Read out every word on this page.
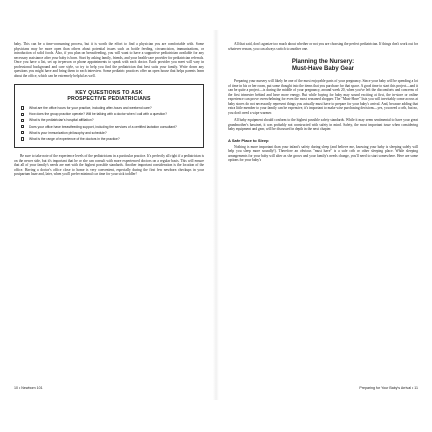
baby. This can be a time-consuming process, but it is worth the effort to find a physician you are comfortable with. Some physicians may be more open than others about potential issues such as bottle feeding, circumcision, immunizations, or introduction of solid foods. Also, if you plan on breastfeeding, you will want to have a supportive pediatrician available for any necessary assistance after your baby is born. Start by asking family, friends, and your health-care provider for pediatrician referrals. Once you have a list, set up in-person or phone appointments to speak with each doctor. Each provider you meet will vary in professional background and care style, so try to help you find the pediatrician that best suits your family. Write down any questions you might have and bring them to each interview. Some pediatric practices offer an open house that helps parents learn about the office, which can be extremely helpful as well.

KEY QUESTIONS TO ASK
PROSPECTIVE PEDIATRICIANS
What are the office hours for your practice, including after-hours and weekend care?
How does the group practice operate? Will be talking with a doctor when I call with a question?
What is the pediatrician's hospital affiliation?
Does your office have breastfeeding support, including the services of a certified lactation consultant?
What is your immunization philosophy and schedule?
What is the range of experience of the doctors in the practice?

Be sure to take note of the experience levels of the pediatricians in a particular practice. It's perfectly all right if a pediatrician is on the newer side, but it's important that he or she can consult with more experienced doctors on a regular basis. This will ensure that all of your family's needs are met with the highest possible standards. Another important consideration is the location of the office. Having a doctor's office close to home is very convenient, especially during the first few newborn checkups in your postpartum haze and, later, when you'll prefer minimal car time for your sick toddler!

All that said, don't agonize too much about whether or not you are choosing the perfect pediatrician. If things don't work out for whatever reason, you can always switch to another one.

Planning the Nursery:
Must-Have Baby Gear

Preparing your nursery will likely be one of the most enjoyable parts of your pregnancy. Since your baby will be spending a lot of time in his or her room, put some thought into the items that you purchase for that space. A good time to start this project—and it can be quite a project—is during the middle of your pregnancy, around week 20, when you've left the discomforts and concerns of the first trimester behind and have more energy. But while buying for baby may sound exciting at first, the in-store or online experience can prove overwhelming for even the most seasoned shopper. The "Must-Have" lists you will inevitably come across at baby stores do not necessarily represent things you actually must have to prepare for your baby's arrival. And, because adding that extra little member to your family can be expensive, it's important to make wise purchasing decisions—yes, you need a crib, but no, you don't need a wipe warmer.

All baby equipment should conform to the highest possible safety standards. While it may seem sentimental to have your great grandmother's bassinet, it was probably not constructed with safety in mind. Safety, the most important issue when considering baby equipment and gear, will be discussed in depth in the next chapter.

A Safe Place to Sleep

Nothing is more important than your infant's safety during sleep (and believe me, knowing your baby is sleeping safely will help you sleep more soundly!). Therefore an obvious "must have" is a safe crib or other sleeping place. While sleeping arrangements for your baby will alter as she grows and your family's needs change, you'll need to start somewhere. Here are some options for your baby's

10 • Newborn 101	Preparing for Your Baby's Arrival • 11
